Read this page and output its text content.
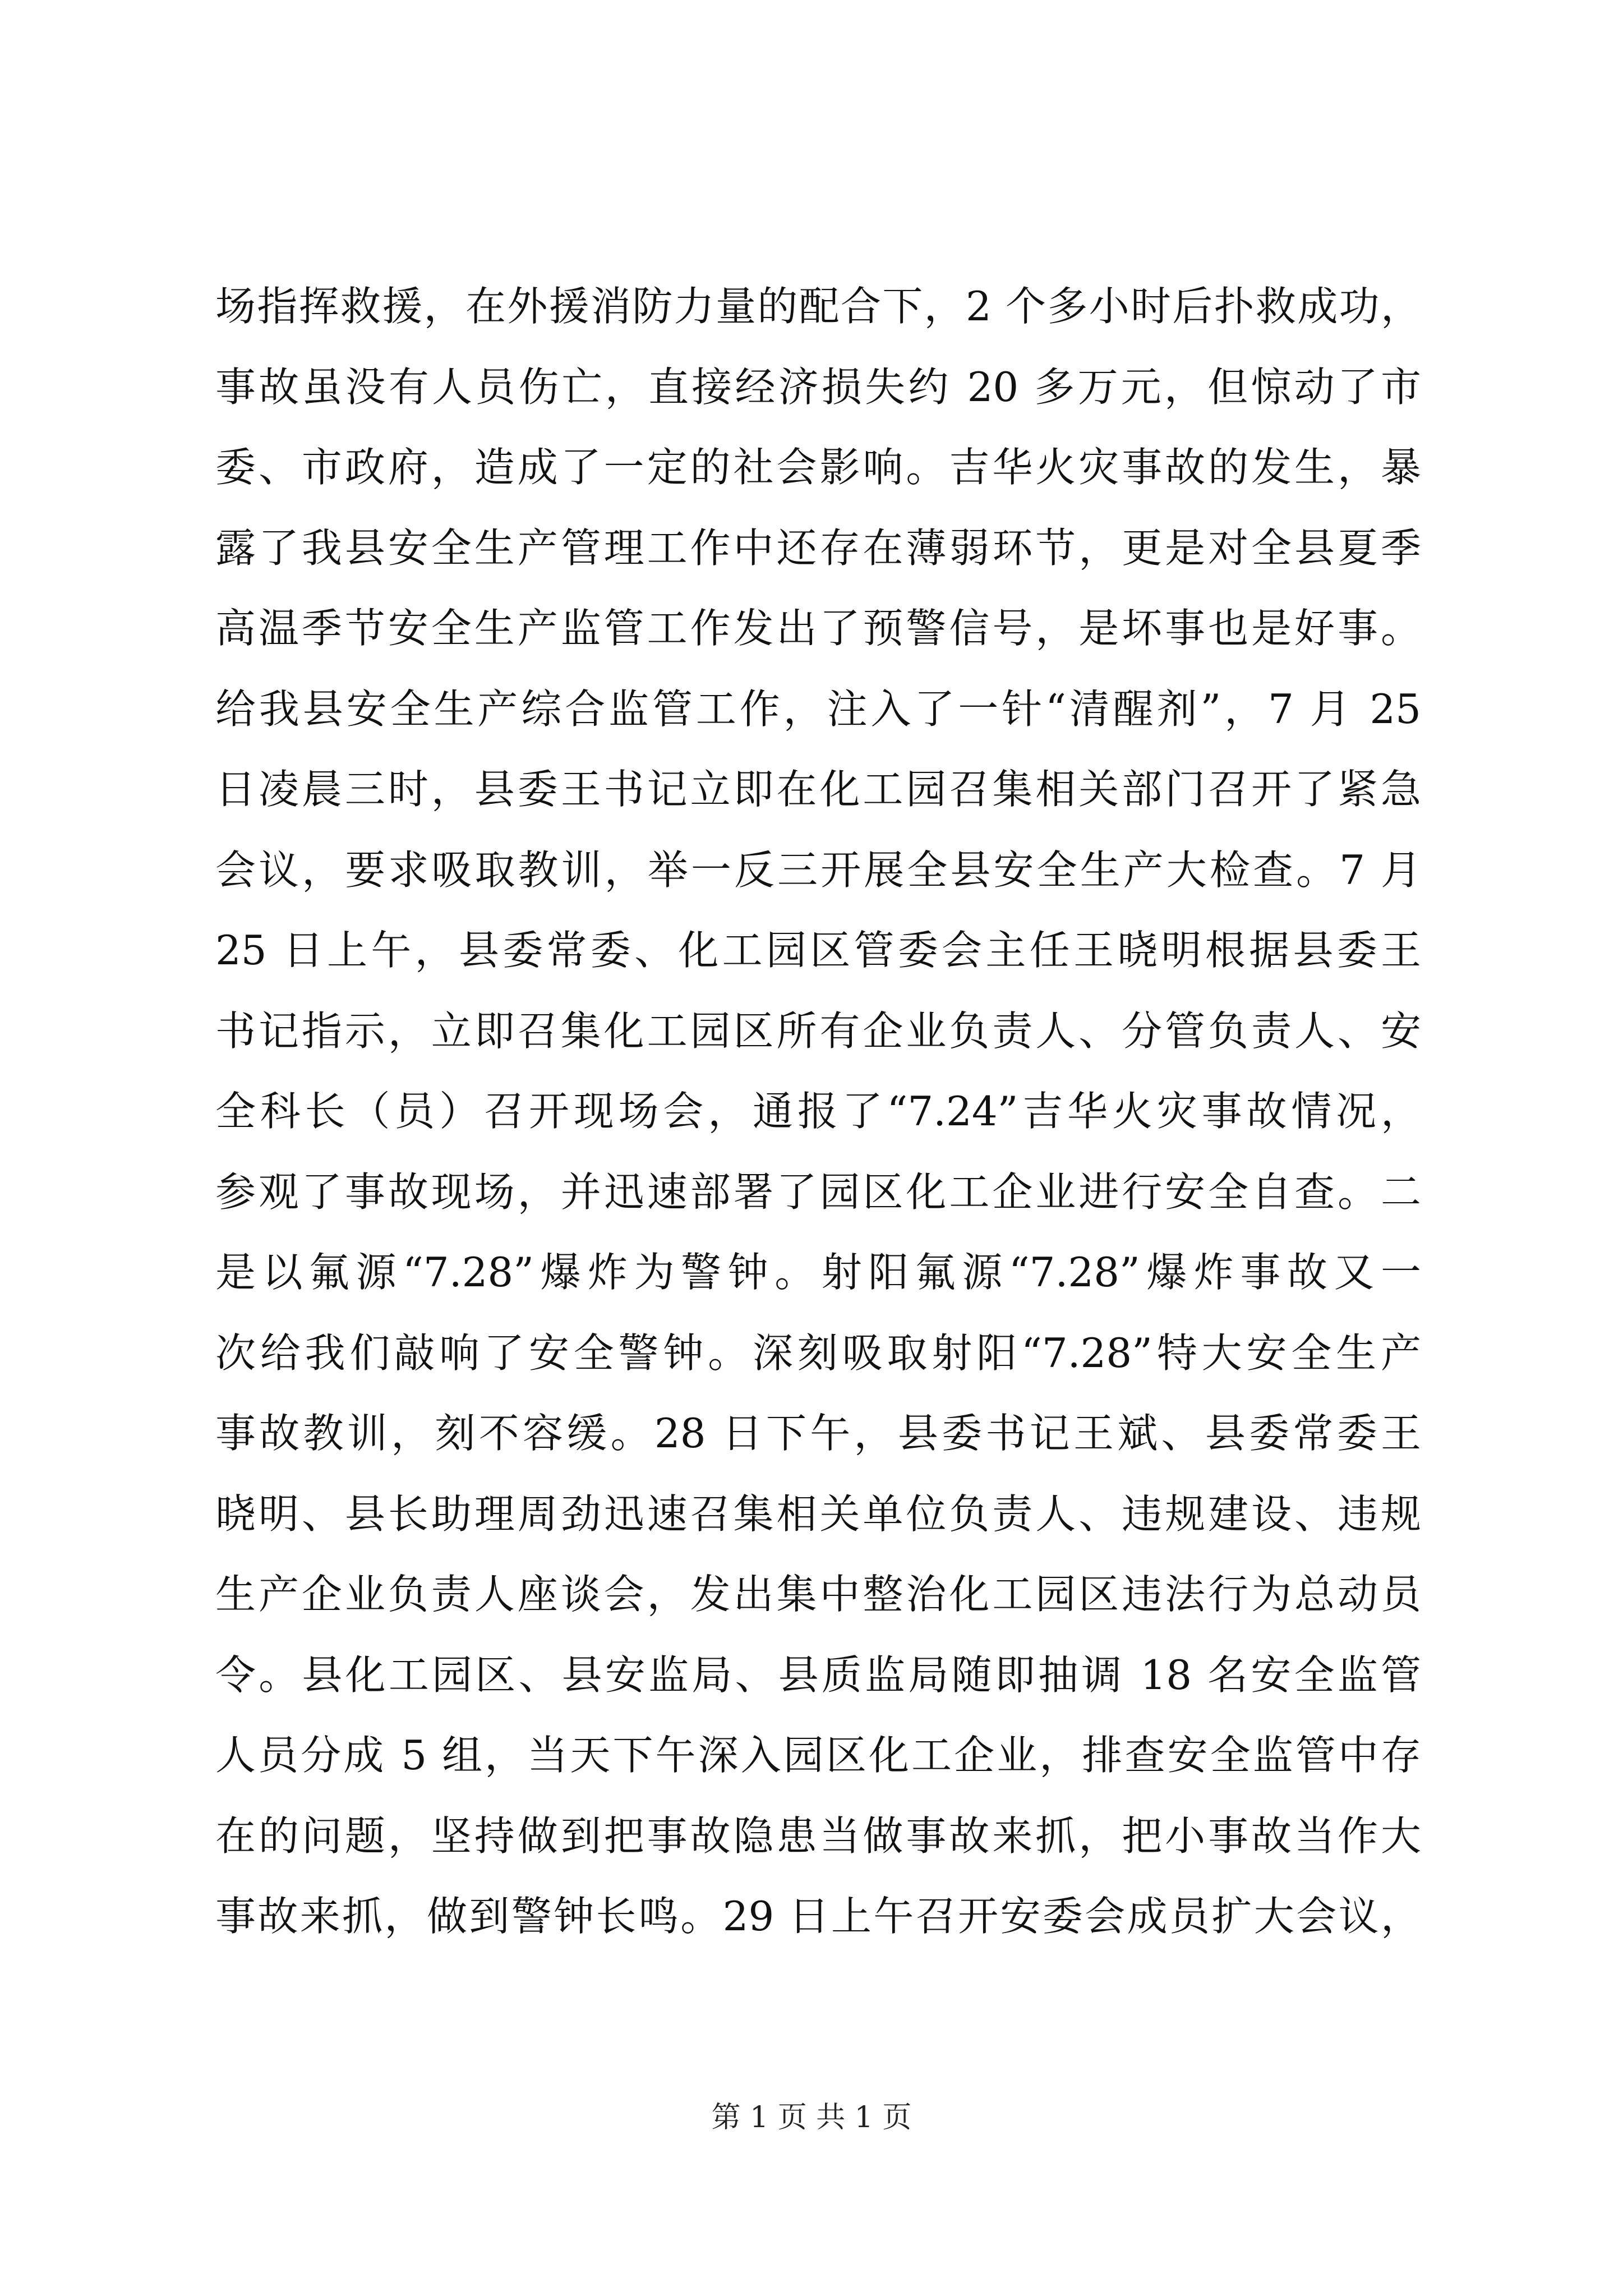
场指挥救援，在外援消防力量的配合下，2 个多小时后扑救成功，
事故虽没有人员伤亡，直接经济损失约 20 多万元，但惊动了市
委、市政府，造成了一定的社会影响。吉华火灾事故的发生，暴
露了我县安全生产管理工作中还存在薄弱环节，更是对全县夏季
高温季节安全生产监管工作发出了预警信号，是坏事也是好事。
给我县安全生产综合监管工作，注入了一针“清醒剂”，7 月 25
日凌晨三时，县委王书记立即在化工园召集相关部门召开了紧急
会议，要求吸取教训，举一反三开展全县安全生产大检查。7 月
25 日上午，县委常委、化工园区管委会主任王晓明根据县委王
书记指示，立即召集化工园区所有企业负责人、分管负责人、安
全科长（员）召开现场会，通报了“7.24”吉华火灾事故情况，
参观了事故现场，并迅速部署了园区化工企业进行安全自查。二
是以氟源“7.28”爆炸为警钟。射阳氟源“7.28”爆炸事故又一
次给我们敲响了安全警钟。深刻吸取射阳“7.28”特大安全生产
事故教训，刻不容缓。28 日下午，县委书记王斌、县委常委王
晓明、县长助理周劲迅速召集相关单位负责人、违规建设、违规
生产企业负责人座谈会，发出集中整治化工园区违法行为总动员
令。县化工园区、县安监局、县质监局随即抽调 18 名安全监管
人员分成 5 组，当天下午深入园区化工企业，排查安全监管中存
在的问题，坚持做到把事故隐患当做事故来抓，把小事故当作大
事故来抓，做到警钟长鸣。29 日上午召开安委会成员扩大会议，
第 1 页 共 1 页
